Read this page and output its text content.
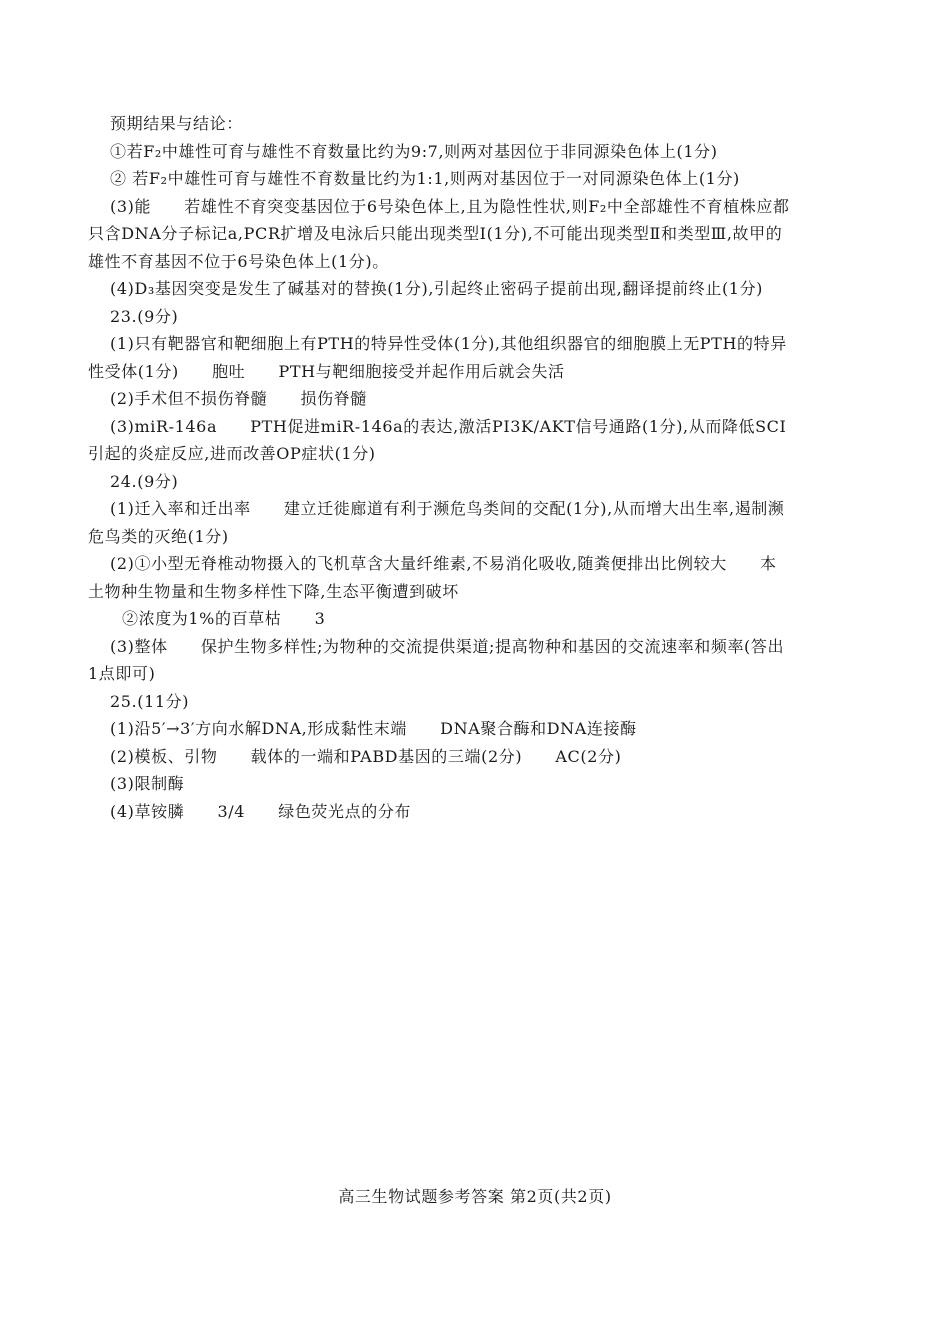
预期结果与结论：
①若F₂中雄性可育与雄性不育数量比约为9:7,则两对基因位于非同源染色体上(1分)
② 若F₂中雄性可育与雄性不育数量比约为1:1,则两对基因位于一对同源染色体上(1分)
(3)能　　若雄性不育突变基因位于6号染色体上,且为隐性性状,则F₂中全部雄性不育植株应都只含DNA分子标记a,PCR扩增及电泳后只能出现类型Ⅰ(1分),不可能出现类型Ⅱ和类型Ⅲ,故甲的雄性不育基因不位于6号染色体上(1分)。
(4)D₃基因突变是发生了碱基对的替换(1分),引起终止密码子提前出现,翻译提前终止(1分)
23.(9分)
(1)只有靶器官和靶细胞上有PTH的特异性受体(1分),其他组织器官的细胞膜上无PTH的特异性受体(1分)　　胞吐　　PTH与靶细胞接受并起作用后就会失活
(2)手术但不损伤脊髓　　损伤脊髓
(3)miR-146a　　PTH促进miR-146a的表达,激活PI3K/AKT信号通路(1分),从而降低SCI引起的炎症反应,进而改善OP症状(1分)
24.(9分)
(1)迁入率和迁出率　　建立迁徙廊道有利于濒危鸟类间的交配(1分),从而增大出生率,遏制濒危鸟类的灭绝(1分)
(2)①小型无脊椎动物摄入的飞机草含大量纤维素,不易消化吸收,随粪便排出比例较大　　本土物种生物量和生物多样性下降,生态平衡遭到破坏
②浓度为1%的百草枯　　3
(3)整体　　保护生物多样性;为物种的交流提供渠道;提高物种和基因的交流速率和频率(答出1点即可)
25.(11分)
(1)沿5′→3′方向水解DNA,形成黏性末端　　DNA聚合酶和DNA连接酶
(2)模板、引物　　载体的一端和PABD基因的三端(2分)　　AC(2分)
(3)限制酶
(4)草铵膦　　3/4　　绿色荧光点的分布
高三生物试题参考答案 第2页(共2页)
